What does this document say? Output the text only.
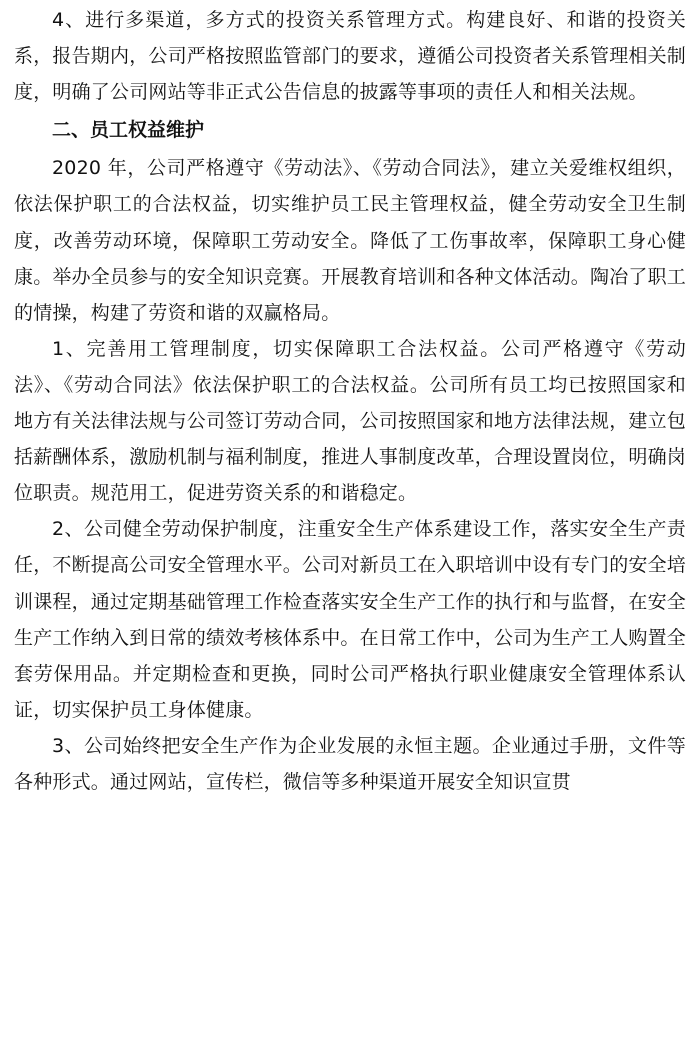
4、进行多渠道，多方式的投资关系管理方式。构建良好、和谐的投资关系，报告期内，公司严格按照监管部门的要求，遵循公司投资者关系管理相关制度，明确了公司网站等非正式公告信息的披露等事项的责任人和相关法规。

二、员工权益维护

2020 年，公司严格遵守《劳动法》、《劳动合同法》，建立关爱维权组织，依法保护职工的合法权益，切实维护员工民主管理权益，健全劳动安全卫生制度，改善劳动环境，保障职工劳动安全。降低了工伤事故率，保障职工身心健康。举办全员参与的安全知识竞赛。开展教育培训和各种文体活动。陶冶了职工的情操，构建了劳资和谐的双赢格局。

1、完善用工管理制度，切实保障职工合法权益。公司严格遵守《劳动法》、《劳动合同法》依法保护职工的合法权益。公司所有员工均已按照国家和地方有关法律法规与公司签订劳动合同，公司按照国家和地方法律法规，建立包括薪酬体系，激励机制与福利制度，推进人事制度改革，合理设置岗位，明确岗位职责。规范用工，促进劳资关系的和谐稳定。

2、公司健全劳动保护制度，注重安全生产体系建设工作，落实安全生产责任，不断提高公司安全管理水平。公司对新员工在入职培训中设有专门的安全培训课程，通过定期基础管理工作检查落实安全生产工作的执行和与监督，在安全生产工作纳入到日常的绩效考核体系中。在日常工作中，公司为生产工人购置全套劳保用品。并定期检查和更换，同时公司严格执行职业健康安全管理体系认证，切实保护员工身体健康。

3、公司始终把安全生产作为企业发展的永恒主题。企业通过手册，文件等各种形式。通过网站，宣传栏，微信等多种渠道开展安全知识宣贯
